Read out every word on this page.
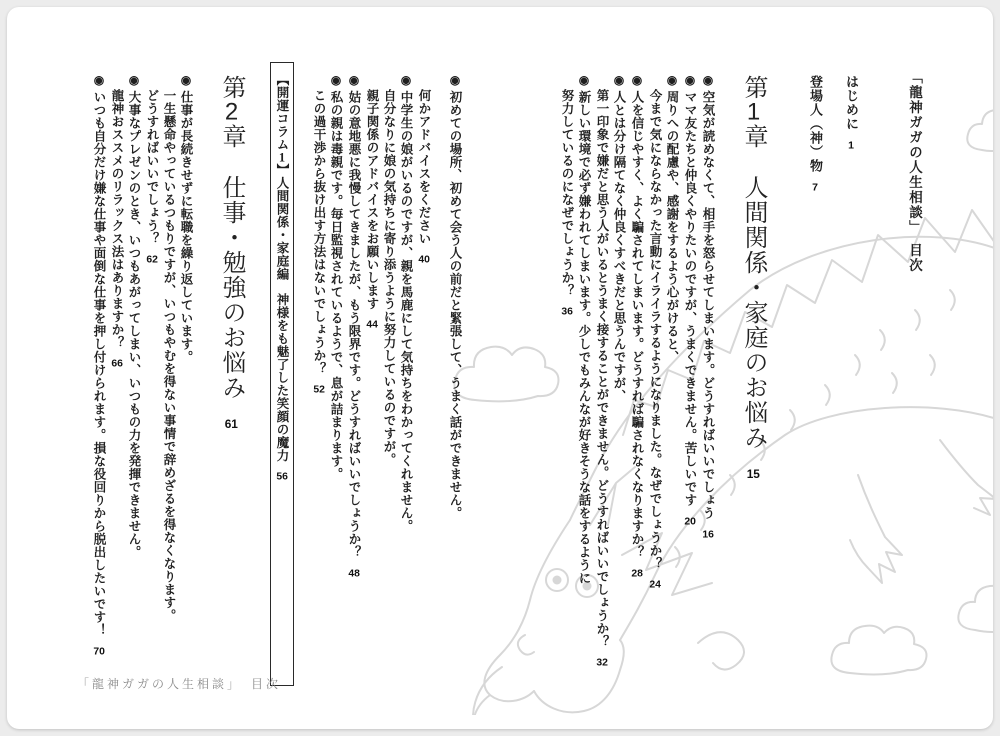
「龍神ガガの人生相談」　目次

はじめに1

登場人（神）物7

第1章人間関係・家庭のお悩み15

◉空気が読めなくて、相手を怒らせてしまいます。どうすればいいでしょう16

◉ママ友たちと仲良くやりたいのですが、うまくできません。苦しいです20

◉周りへの配慮や、感謝をするよう心がけると、

今まで気にならなかった言動にイライラするようになりました。なぜでしょうか？24

◉人を信じやすく、よく騙されてしまいます。どうすれば騙されなくなりますか？28

◉人とは分け隔てなく仲良くすべきだと思うんですが、

第一印象で嫌だと思う人がいるとうまく接することができません。どうすればいいでしょうか？32

◉新しい環境で必ず嫌われてしまいます。少しでもみんなが好きそうな話をするように

努力しているのになぜでしょうか？36

◉初めての場所、初めて会う人の前だと緊張して、うまく話ができません。

何かアドバイスをください40

◉中学生の娘がいるのですが、親を馬鹿にして気持ちをわかってくれません。

自分なりに娘の気持ちに寄り添うように努力しているのですが。

親子関係のアドバイスをお願いします44

◉姑の意地悪に我慢してきましたが、もう限界です。どうすればいいでしょうか？48

◉私の親は毒親です。毎日監視されているようで、息が詰まります。

この過干渉から抜け出す方法はないでしょうか？52

【開運コラム1】人間関係・家庭編神様をも魅了した笑顔の魔力56

第2章仕事・勉強のお悩み61

◉仕事が長続きせずに転職を繰り返しています。

一生懸命やっているつもりですが、いつもやむを得ない事情で辞めざるを得なくなります。

どうすればいいでしょう？62

◉大事なプレゼンのとき、いつもあがってしまい、いつもの力を発揮できません。

龍神おススメのリラックス法はありますか？66

◉いつも自分だけ嫌な仕事や面倒な仕事を押し付けられます。損な役回りから脱出したいです！70

「龍神ガガの人生相談」　目次
